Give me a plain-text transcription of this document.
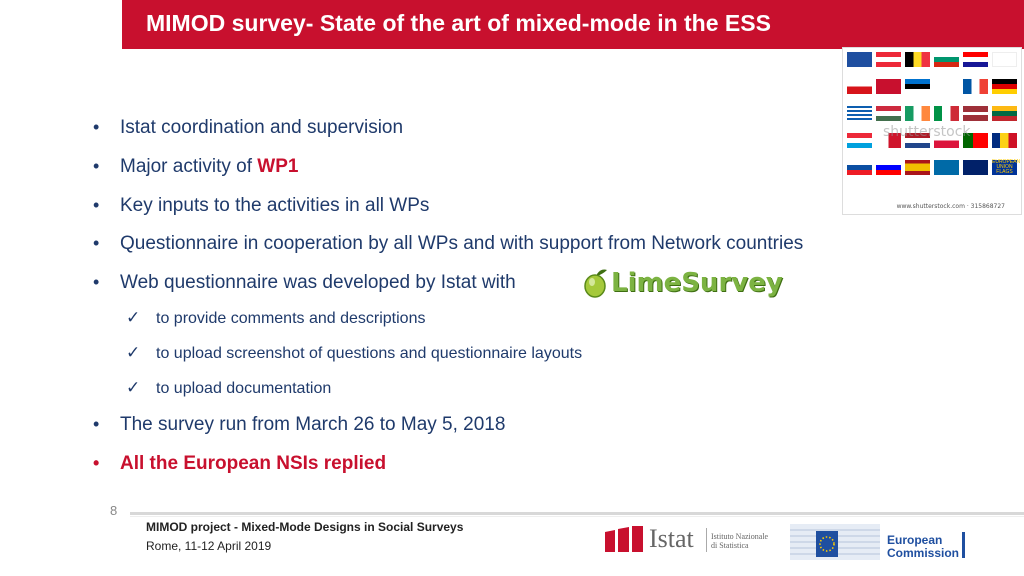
MIMOD survey- State of the art of mixed-mode in the ESS
EUROPEAN UNION FLAGS
shutterstock
www.shutterstock.com · 315868727
• Istat coordination and supervision
• Major activity of WP1
• Key inputs to the activities in all WPs
• Questionnaire in cooperation by all WPs and with support from Network countries
• Web questionnaire was developed by Istat with
✓ to provide comments and descriptions
✓ to upload screenshot of questions and questionnaire layouts
✓ to upload documentation
• The survey run from March 26 to May 5, 2018
• All the European NSIs replied
LimeSurvey
8
MIMOD project - Mixed-Mode Designs in Social Surveys
Rome, 11-12 April 2019	Istat Istituto Nazionale
di Statistica	European
Commission
